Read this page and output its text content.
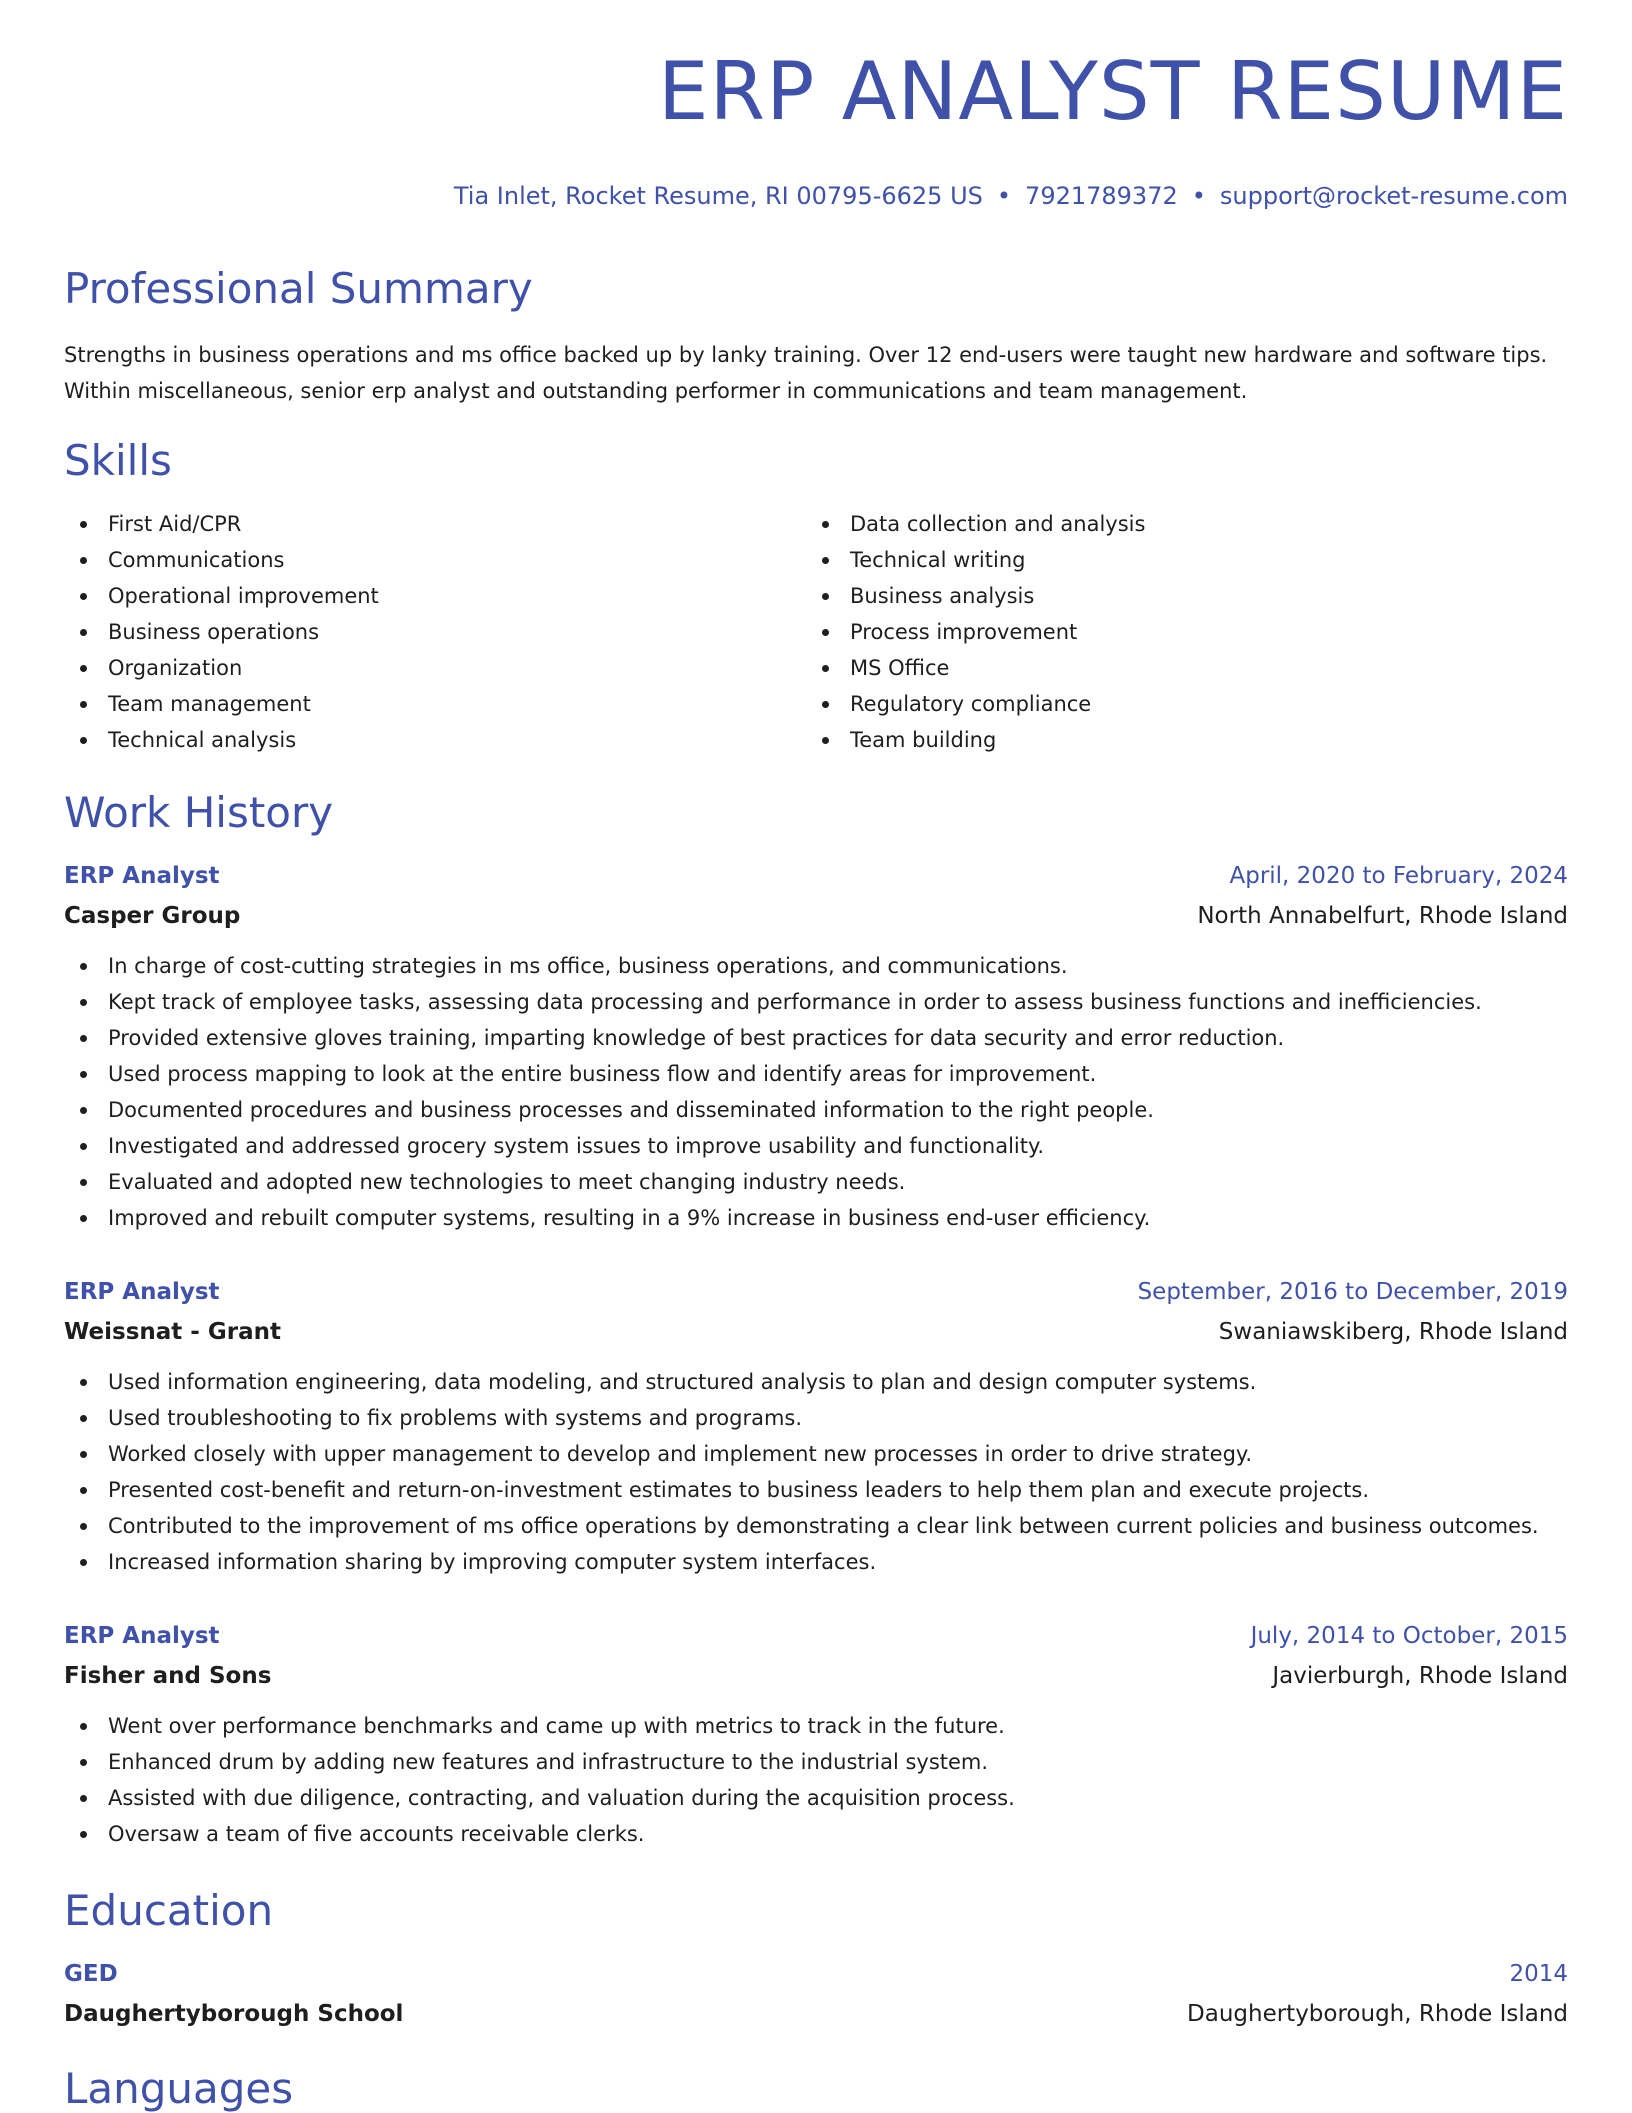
ERP ANALYST RESUME
Tia Inlet, Rocket Resume, RI 00795-6625 US • 7921789372 • support@rocket-resume.com
Professional Summary

Strengths in business operations and ms office backed up by lanky training. Over 12 end-users were taught new hardware and software tips. Within miscellaneous, senior erp analyst and outstanding performer in communications and team management.

Skills
First Aid/CPR
Communications
Operational improvement
Business operations
Organization
Team management
Technical analysis
Data collection and analysis
Technical writing
Business analysis
Process improvement
MS Office
Regulatory compliance
Team building
Work History
ERP Analyst	April, 2020 to February, 2024
Casper Group	North Annabelfurt, Rhode Island
In charge of cost-cutting strategies in ms office, business operations, and communications.
Kept track of employee tasks, assessing data processing and performance in order to assess business functions and inefficiencies.
Provided extensive gloves training, imparting knowledge of best practices for data security and error reduction.
Used process mapping to look at the entire business flow and identify areas for improvement.
Documented procedures and business processes and disseminated information to the right people.
Investigated and addressed grocery system issues to improve usability and functionality.
Evaluated and adopted new technologies to meet changing industry needs.
Improved and rebuilt computer systems, resulting in a 9% increase in business end-user efficiency.
ERP Analyst	September, 2016 to December, 2019
Weissnat - Grant	Swaniawskiberg, Rhode Island
Used information engineering, data modeling, and structured analysis to plan and design computer systems.
Used troubleshooting to fix problems with systems and programs.
Worked closely with upper management to develop and implement new processes in order to drive strategy.
Presented cost-benefit and return-on-investment estimates to business leaders to help them plan and execute projects.
Contributed to the improvement of ms office operations by demonstrating a clear link between current policies and business outcomes.
Increased information sharing by improving computer system interfaces.
ERP Analyst	July, 2014 to October, 2015
Fisher and Sons	Javierburgh, Rhode Island
Went over performance benchmarks and came up with metrics to track in the future.
Enhanced drum by adding new features and infrastructure to the industrial system.
Assisted with due diligence, contracting, and valuation during the acquisition process.
Oversaw a team of five accounts receivable clerks.
Education
GED	2014
Daughertyborough School	Daughertyborough, Rhode Island
Languages
